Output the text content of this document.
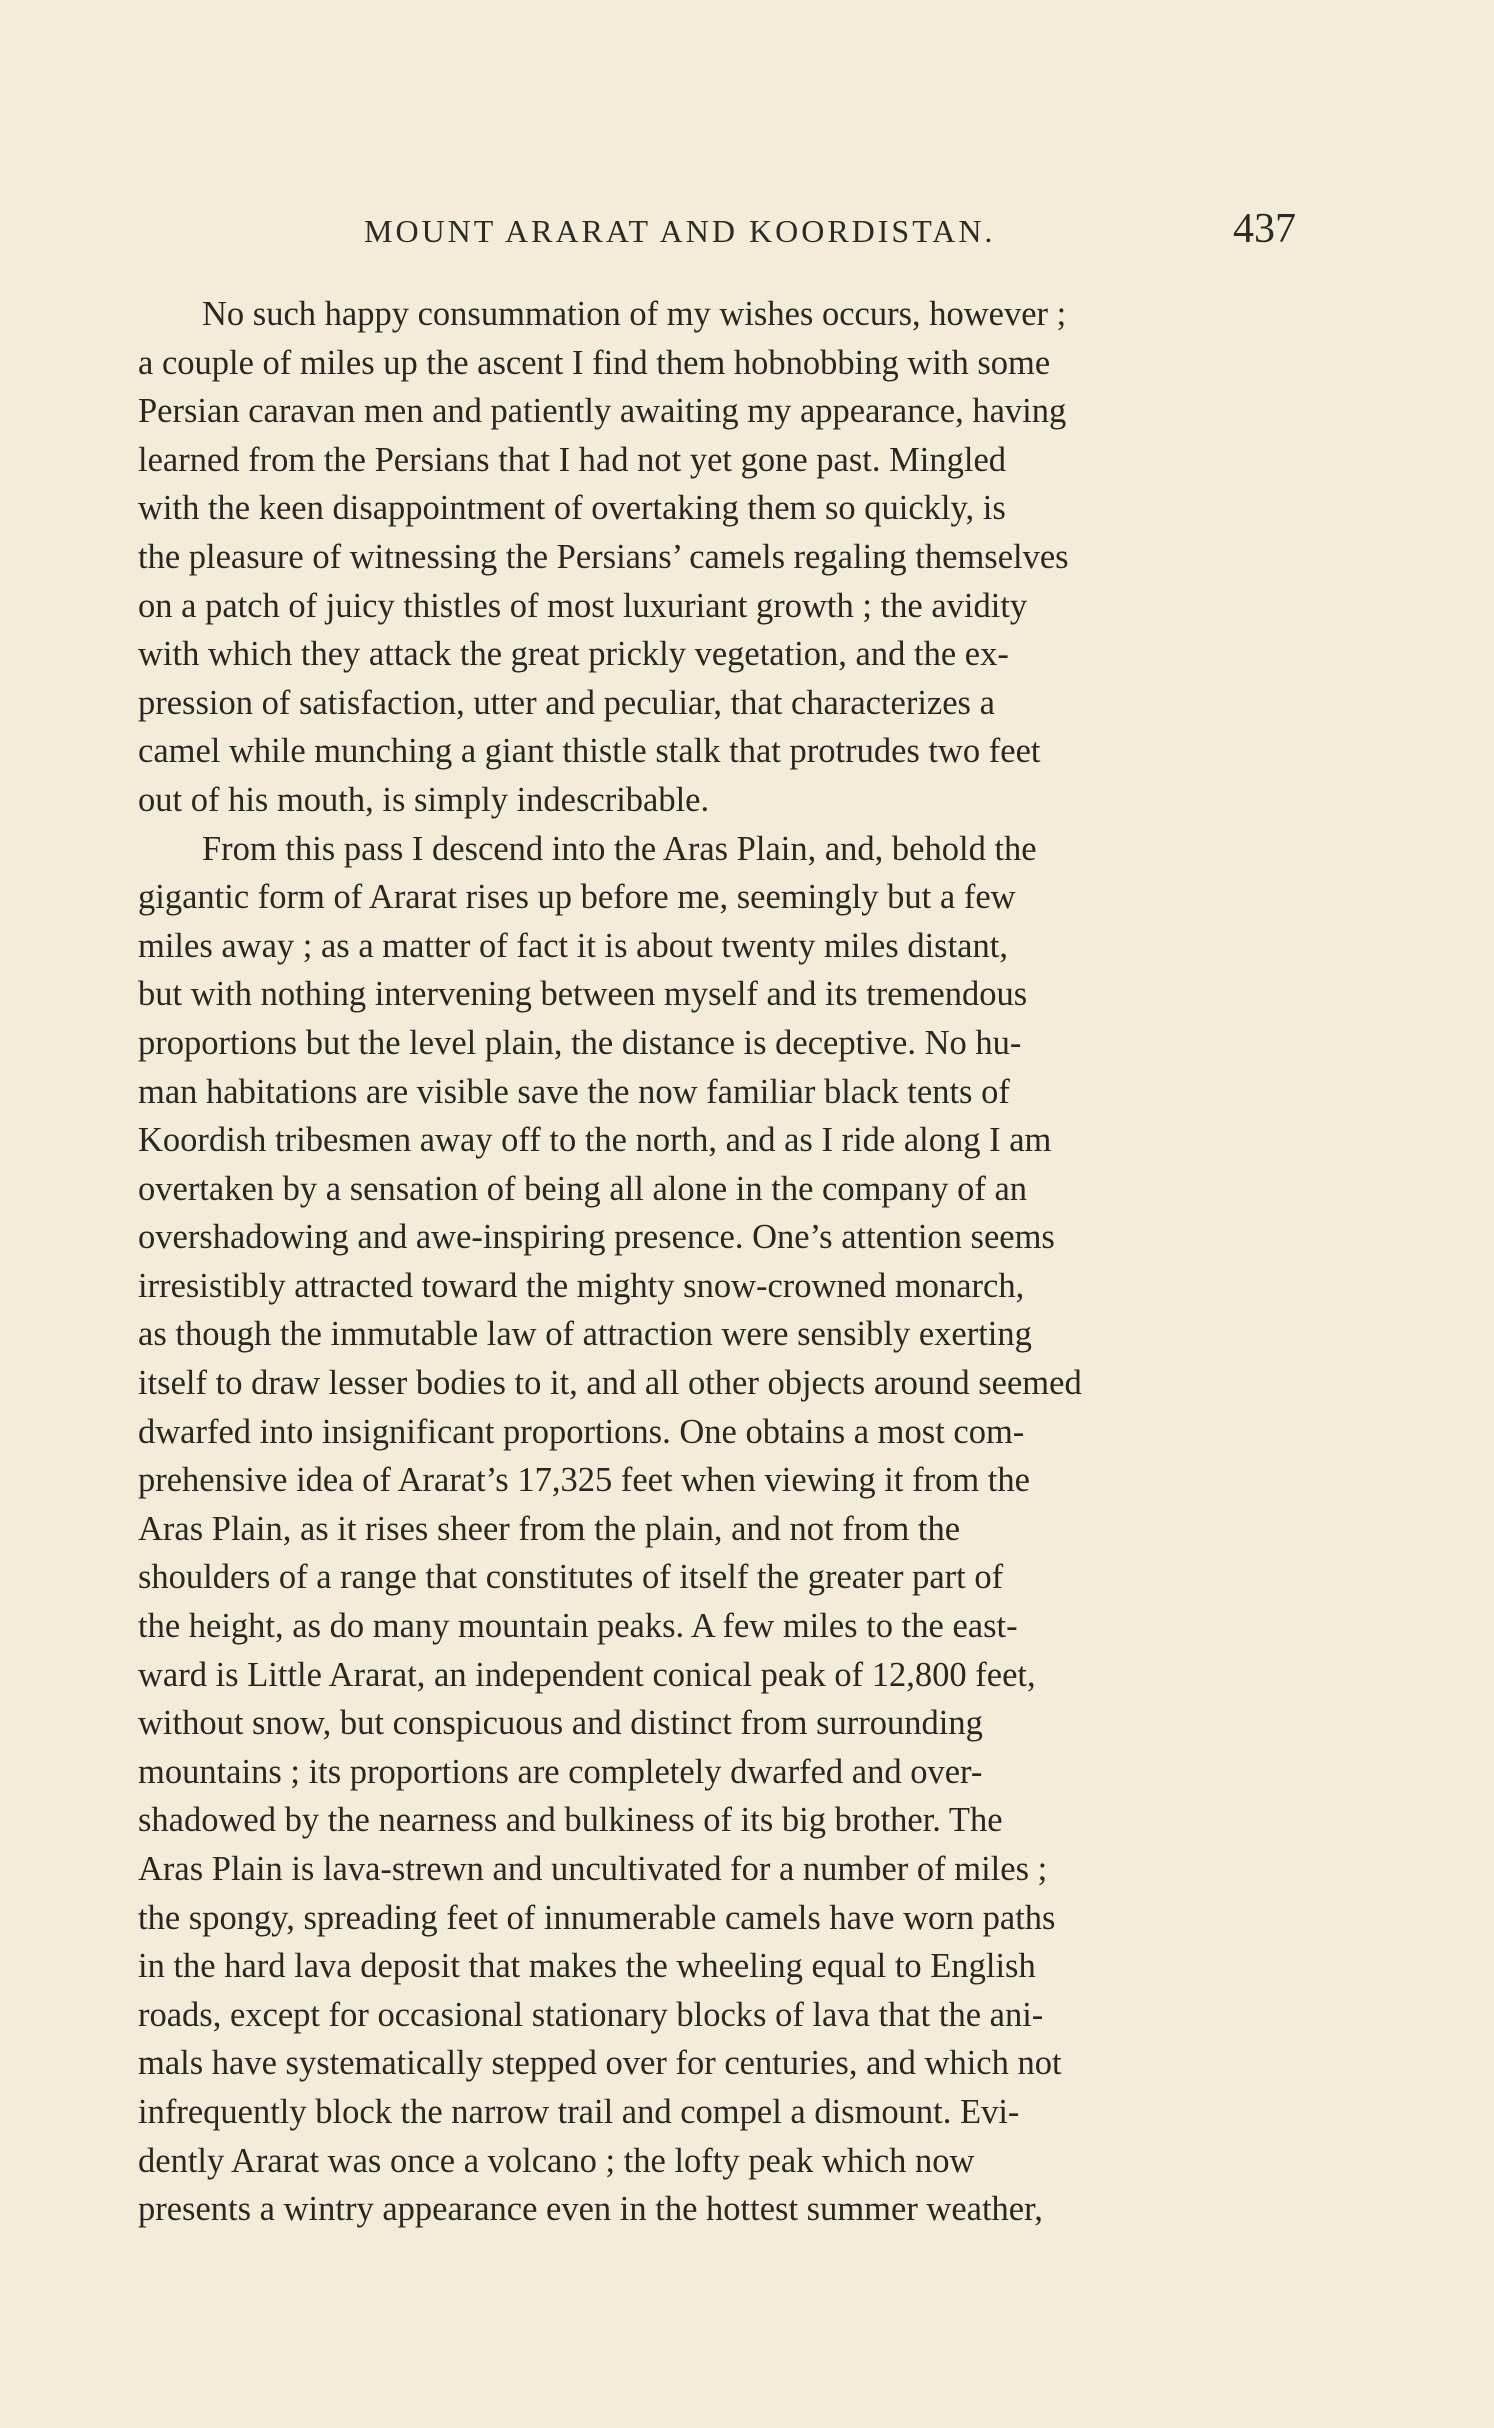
MOUNT ARARAT AND KOORDISTAN.	437
No such happy consummation of my wishes occurs, however ;
a couple of miles up the ascent I find them hobnobbing with some
Persian caravan men and patiently awaiting my appearance, having
learned from the Persians that I had not yet gone past. Mingled
with the keen disappointment of overtaking them so quickly, is
the pleasure of witnessing the Persians’ camels regaling themselves
on a patch of juicy thistles of most luxuriant growth ; the avidity
with which they attack the great prickly vegetation, and the ex-
pression of satisfaction, utter and peculiar, that characterizes a
camel while munching a giant thistle stalk that protrudes two feet
out of his mouth, is simply indescribable.
From this pass I descend into the Aras Plain, and, behold the
gigantic form of Ararat rises up before me, seemingly but a few
miles away ; as a matter of fact it is about twenty miles distant,
but with nothing intervening between myself and its tremendous
proportions but the level plain, the distance is deceptive. No hu-
man habitations are visible save the now familiar black tents of
Koordish tribesmen away off to the north, and as I ride along I am
overtaken by a sensation of being all alone in the company of an
overshadowing and awe-inspiring presence. One’s attention seems
irresistibly attracted toward the mighty snow-crowned monarch,
as though the immutable law of attraction were sensibly exerting
itself to draw lesser bodies to it, and all other objects around seemed
dwarfed into insignificant proportions. One obtains a most com-
prehensive idea of Ararat’s 17,325 feet when viewing it from the
Aras Plain, as it rises sheer from the plain, and not from the
shoulders of a range that constitutes of itself the greater part of
the height, as do many mountain peaks. A few miles to the east-
ward is Little Ararat, an independent conical peak of 12,800 feet,
without snow, but conspicuous and distinct from surrounding
mountains ; its proportions are completely dwarfed and over-
shadowed by the nearness and bulkiness of its big brother. The
Aras Plain is lava-strewn and uncultivated for a number of miles ;
the spongy, spreading feet of innumerable camels have worn paths
in the hard lava deposit that makes the wheeling equal to English
roads, except for occasional stationary blocks of lava that the ani-
mals have systematically stepped over for centuries, and which not
infrequently block the narrow trail and compel a dismount. Evi-
dently Ararat was once a volcano ; the lofty peak which now
presents a wintry appearance even in the hottest summer weather,
